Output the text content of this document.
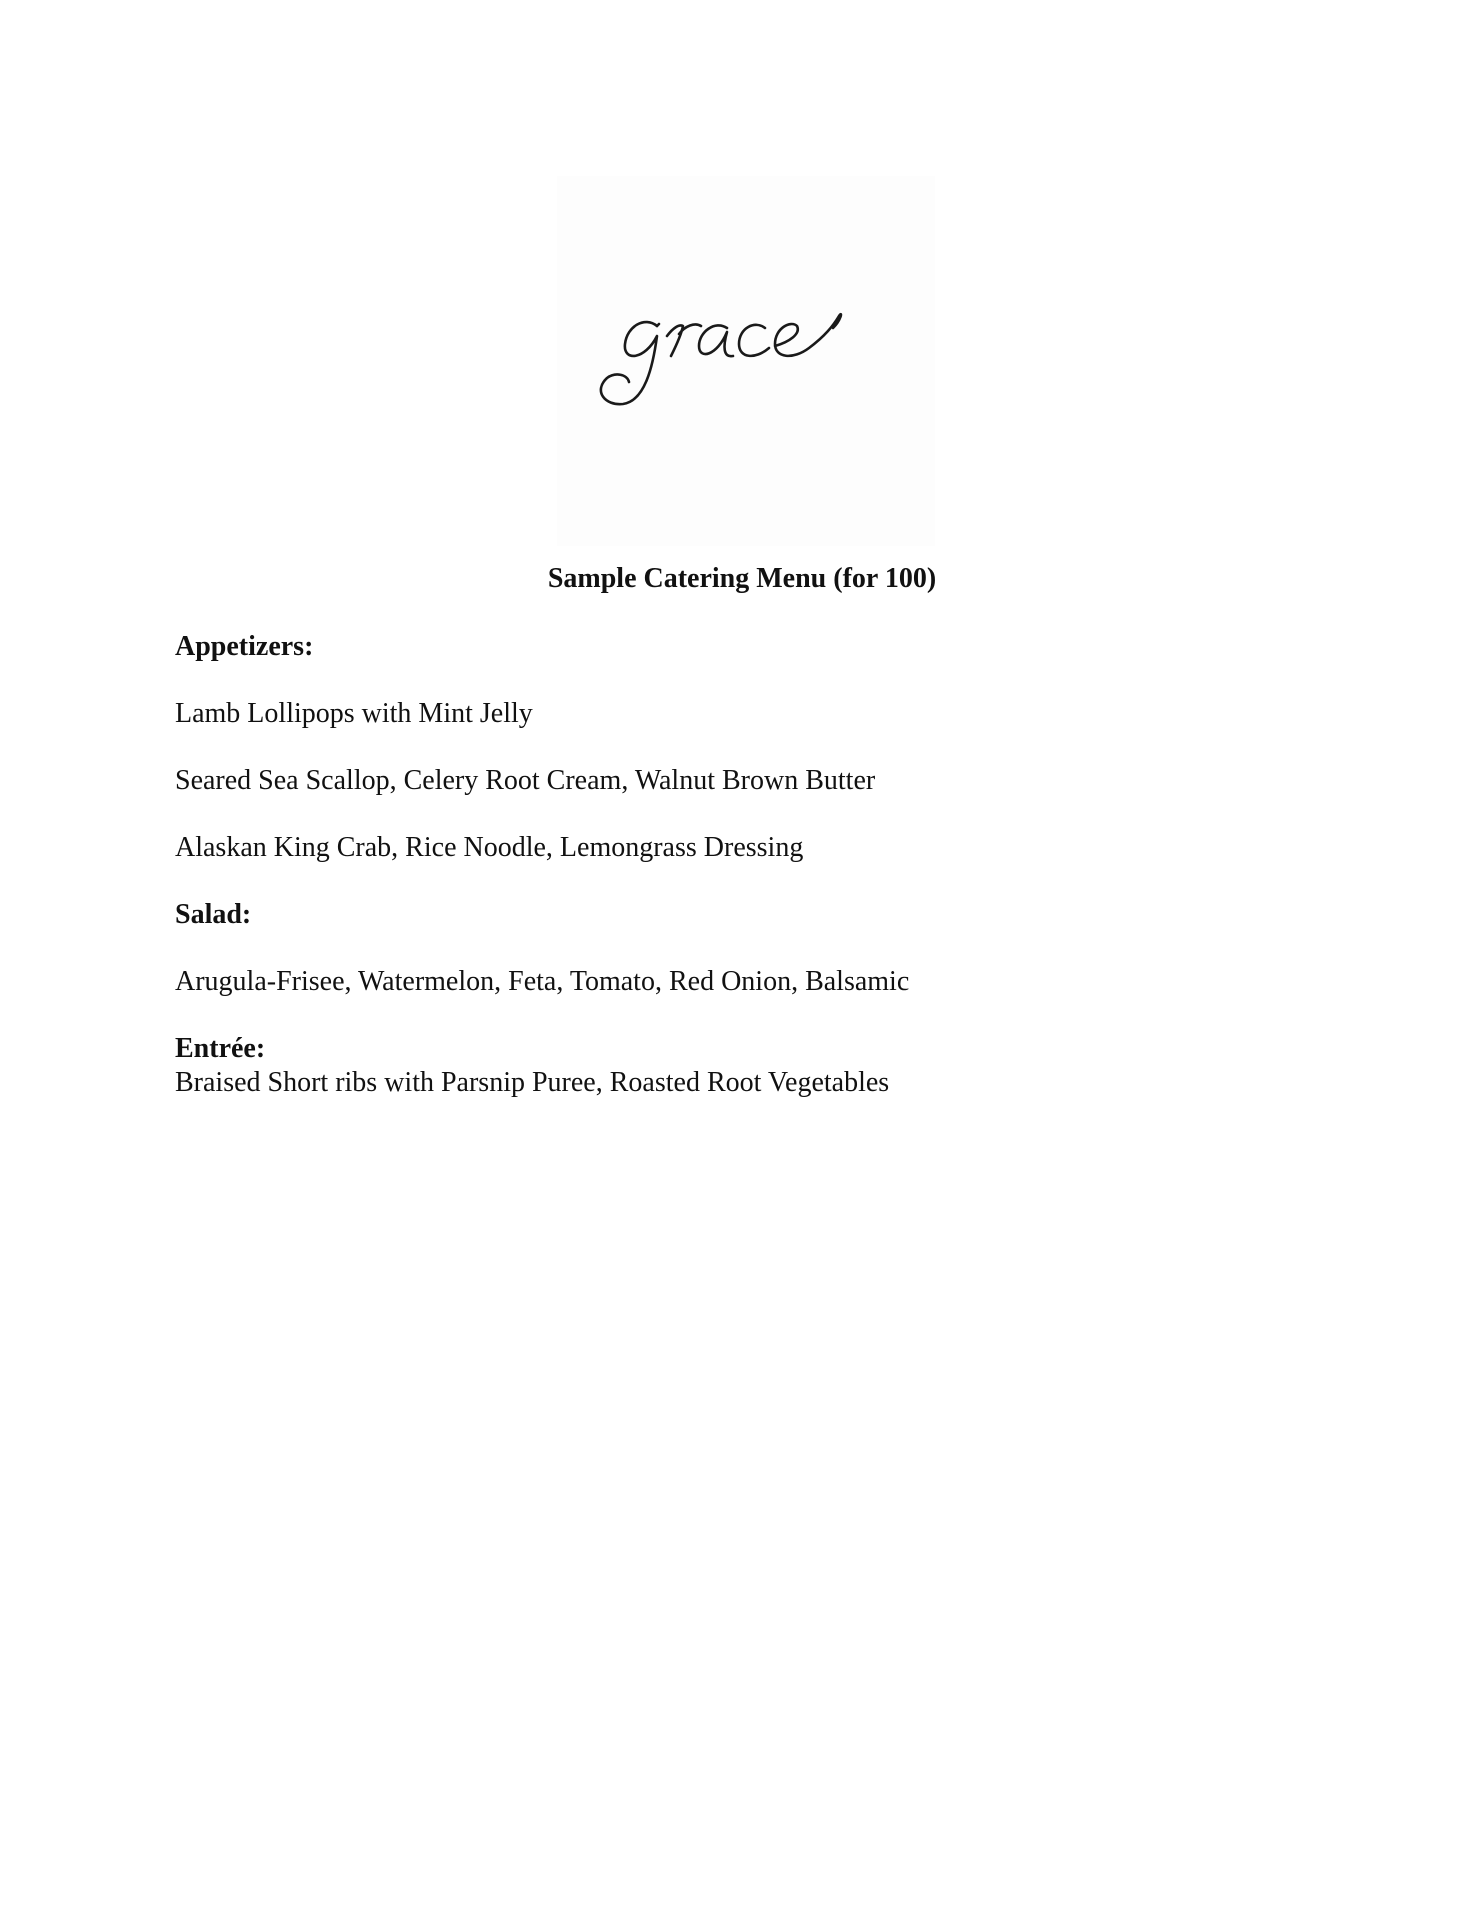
Sample Catering Menu (for 100)
Appetizers:
Lamb Lollipops with Mint Jelly
Seared Sea Scallop, Celery Root Cream, Walnut Brown Butter
Alaskan King Crab, Rice Noodle, Lemongrass Dressing
Salad:
Arugula-Frisee, Watermelon, Feta, Tomato, Red Onion, Balsamic
Entrée:
Braised Short ribs with Parsnip Puree, Roasted Root Vegetables
